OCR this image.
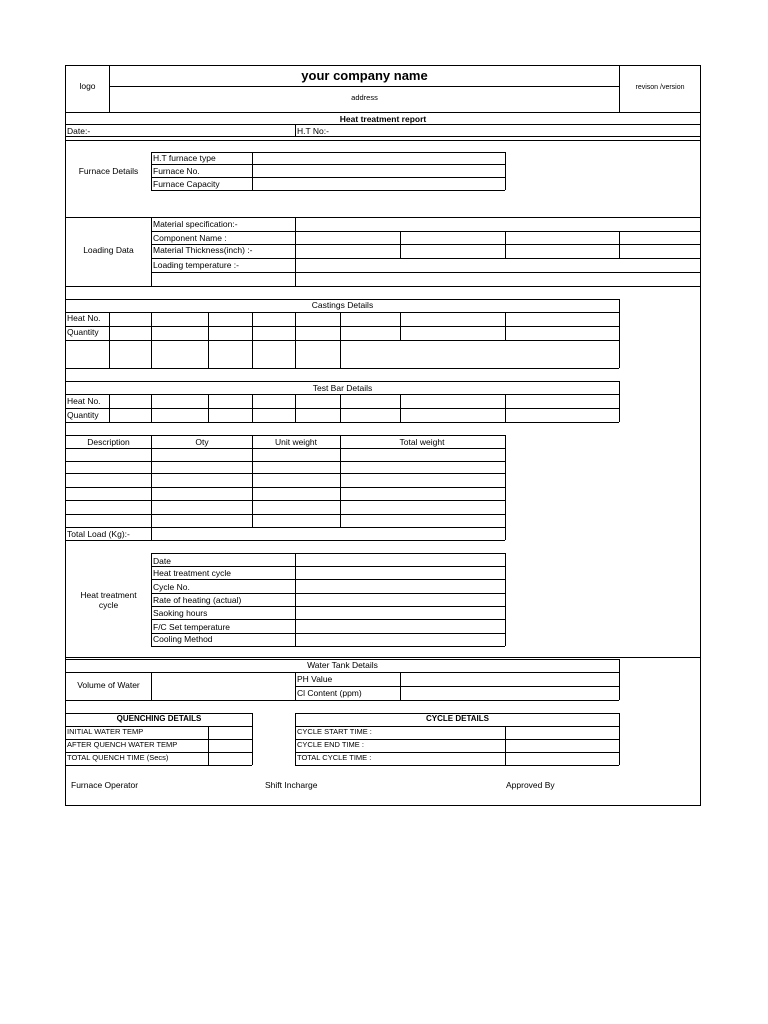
logo
your company name
address
revison /version
Heat treatment report
Date:-	H.T No:-
Furnace Details
H.T furnace type
Furnace No.
Furnace Capacity
Loading Data
Material specification:-
Component Name :
Material Thickness(inch) :-
Loading temperature :-
Castings Details
Heat No.
Quantity
Test Bar Details
Heat No.
Quantity
Description	Oty	Unit weight	Total weight
Total Load (Kg):-
Heat treatment
cycle
Date
Heat treatment cycle
Cycle No.
Rate of heating (actual)
Saoking hours
F/C Set temperature
Cooling Method
Water Tank Details
Volume of Water
PH Value
Cl Content (ppm)
QUENCHING DETAILS
INITIAL WATER TEMP
AFTER QUENCH WATER TEMP
TOTAL QUENCH TIME (Secs)
CYCLE DETAILS
CYCLE START TIME :
CYCLE END TIME :
TOTAL CYCLE TIME :
Furnace Operator	Shift Incharge	Approved By
